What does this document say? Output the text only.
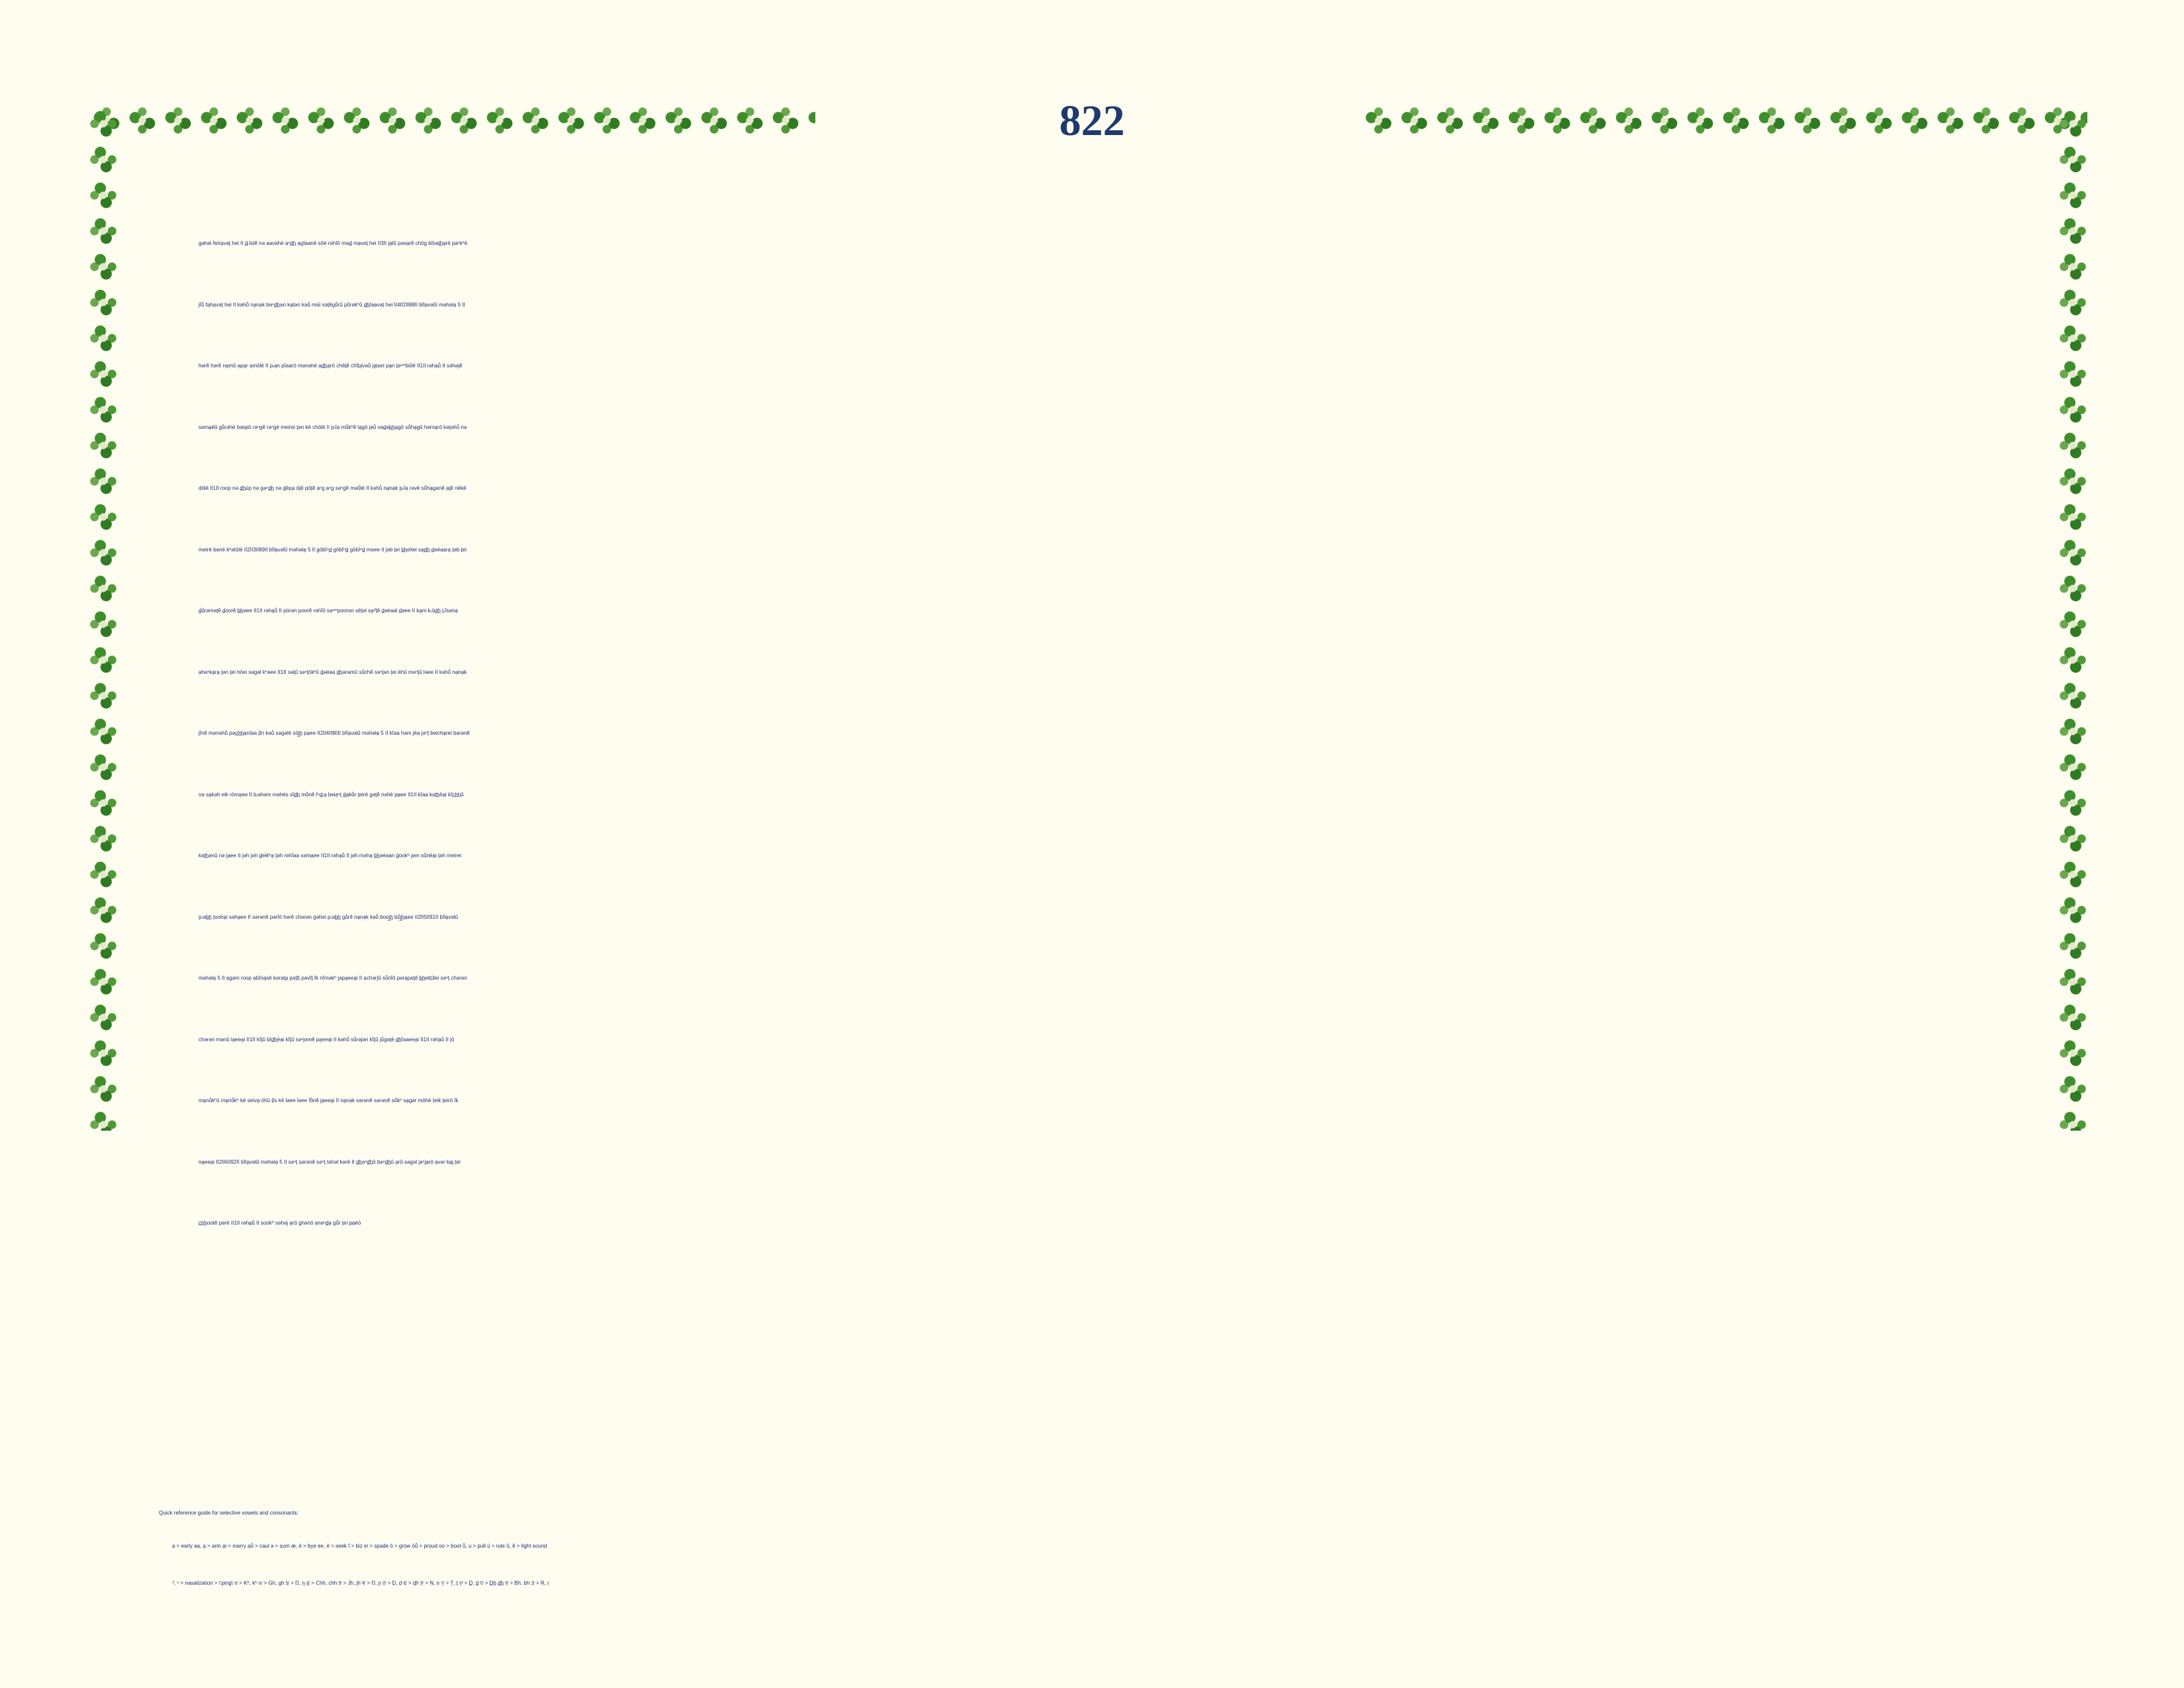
822
gəhei feiraͅvəṯ hei II d̲ᵣĭstĕ nə aavəhé a̜ⁿd̲h̲ a̜gĭaanē sōé rəhĭō məd̲ maͅvəṯ hei II3II jaͅlŭ pəsaͅrĕ chōg bĭsət̲h̲aͅrē paⁿkʰē
jĭů faͅhaͅvəṯ hei II kəhů naͅna̜k bəⁿd̲h̲ən kaͅtən kəů màì səṯĕgůrŭ půrəkʰŭ d̲h̲ĭaavəṯ hei II4II2II88II bĭlaͅvəlŭ məhəlaͅ 5 II
hərĕ hərĕ naͅmŭ a̜paͅr a̜mōlē II pᵣaͅn pĭaarō mənəhé a̜d̲h̲aͅrō chēṯĕ chĭṯəͅvəů jaͅisei paͅn ṯəⁿᵐbōlē II1II rəhaͅů II səhəjĕ
səmaͅéō gůrəhé bətaͅiō rəⁿgĕ rəⁿgē meirei ṯən kē chōlē II pᵣĭa̜ můkʰĕ laͅgō jəů vəd̲əb̲h̲aͅgō sůhaͅgŭ həmaͅrō kəṯəhů nə
dōlē II1II roop nə d̲h̲ūp nə gəⁿd̲h̲ nə d̲ēpaͅ ōṯĕ pōṯĕ a̜ⁿg a̜ⁿg səⁿgĕ məůlē II kəhů naͅna̜k pᵣĭa̜ rəvē sůhaͅgənĕ a̜ṯĕ nēkē
meirē bənē kʰətōlē II2II3II89II bĭlaͅvəlŭ məhəlaͅ 5 II gōbĭⁿd̲ gōbĭⁿd̲ gōbĭⁿd̲ məee II jəb ṯei b̲h̲eitei saͅd̲h̲ d̲əéaaraͅ ṯəb ṯei
d̲ůrəməṯĕ d̲oorĕ b̲h̲əee II1II rəhaͅů II pūrən poorĕ rəhĭō səⁿᵐpoorən sēṯəl saͅⁿ̆ṯĕ d̲əéaal d̲əee II kaͅm kᵣōd̲h̲ ṯᵣĭsənaͅ
a̜həⁿkaͅraͅ ṯən ṯei hōei səgəl kʰəee II1II səṯŭ səⁿṯōkʰŭ d̲əéaa d̲h̲ərəmŭ sůchĕ səⁿṯən ṯei éhŭ məⁿṯŭ ləee II kəhů naͅna̜k
jĭnĕ mənəhů pəc̲h̲h̲aͅnĭaa ṯĭn kəů səgəlē sōj̲h̲ paͅee II2II4II90II bĭlaͅvəlŭ məhəlaͅ 5 II kĭaa həm jēa̜ jəⁿṯ beichaͅrei bərənĕ
nə saͅkəh eik rōmaͅee II bᵣəhəm məhés sĭd̲h̲ můnĕ ĭⁿd̲ᵣaͅ beia̜ⁿṯ d̲aͅkůr ṯeirē gəṯĕ nəhē paͅee II1II kĭaa kət̲h̲ēaͅi kĭc̲h̲h̲ŭ
kət̲h̲ənŭ nə jaͅee II jəh jəh d̲eikʰaͅ ṯəh rəhĭaa səmaͅee II1II rəhaͅů II jəh məhaͅ b̲h̲əéaan d̲ookʰ jəm sůnēaͅi ṯəh meirei
pᵣəb̲h̲ ṯoohaͅi səhaͅee II sərənĕ pərĭō hərĕ chərən gəhei pᵣəb̲h̲ gůrĕ naͅna̜k kəů booj̲h̲ bůj̲h̲aͅee II2II5II91II bĭlaͅvəlŭ
məhəlaͅ 5 II a̜gəm roop a̜bĭnaͅsē kərəṯaͅ pəṯĭṯ pəvĭṯ ĭk nĭməkʰ jəpaͅeeaͅi II a̜chərjŭ sůnĭō pəraͅpəṯĕ b̲h̲eiṯŭlei səⁿṯ chərən
chərən mənŭ laͅeeaͅi II1II kĭṯŭ bĭd̲h̲ēaͅi kĭṯŭ səⁿjəmĕ paͅeeaͅi II kəhů sůrəjən kĭṯŭ jůgəṯē d̲h̲ĭaaeeaͅi II1II rəhaͅů II jō
maͅnůkʰŭ maͅnůkʰ kē seivaͅ ōhŭ ṯĭs kē ləee ləee fůnĕ jaͅeeaͅi II naͅna̜k sərənĕ sərəṇĕ sůkʰ saͅgər mōhé teik ṯeirō ĭk
naͅeeaͅi II2II6II92II bĭlaͅvəlŭ məhəlaͅ 5 II səⁿṯ sərəṇĕ səⁿṯ təhəl kərē II d̲h̲əⁿd̲h̲ŭ bəⁿd̲h̲ŭ a̜rŭ səgəl jəⁿjaͅrō a̜vər kaͅj ṯei
c̲h̲h̲ootĕ pərē II1II rəhaͅů II sookʰ səhəj a̜rŭ ghənō a̜nəⁿd̲a̜ gůr ṯei paͅéō
Quick reference guide for selective vowels and consonants:
a̜ > early aa, aͅ > arm aͅi > marry a̜ů > caul ə > sum æ, é > bye ee, ē > seek ĭ > biz ei > spade ō > grow ōů > proud oo > boot ů, u > pull ū > rule ŭ, ĕ > light sound
ⁿ̆, ⁿ > nasalization > \'ping\ ਖ > Kʰ, kʰ ਘ > Gh, gh ਙ > Ŋ, ŋ ਛ > Chh, chh ਝ > Jh, jh ਞ > Ŋ, ɲ ਠ > Ḍ, ḍ ਢ > ɖh ਣ > Ṇ, ṇ ਤ > Ṯ, ṯ ਦ > D̲, d̲ ਧ > D̲h̲ d̲h̲ ਭ > Bh, bh ੜ > Ṛ, ṛ
